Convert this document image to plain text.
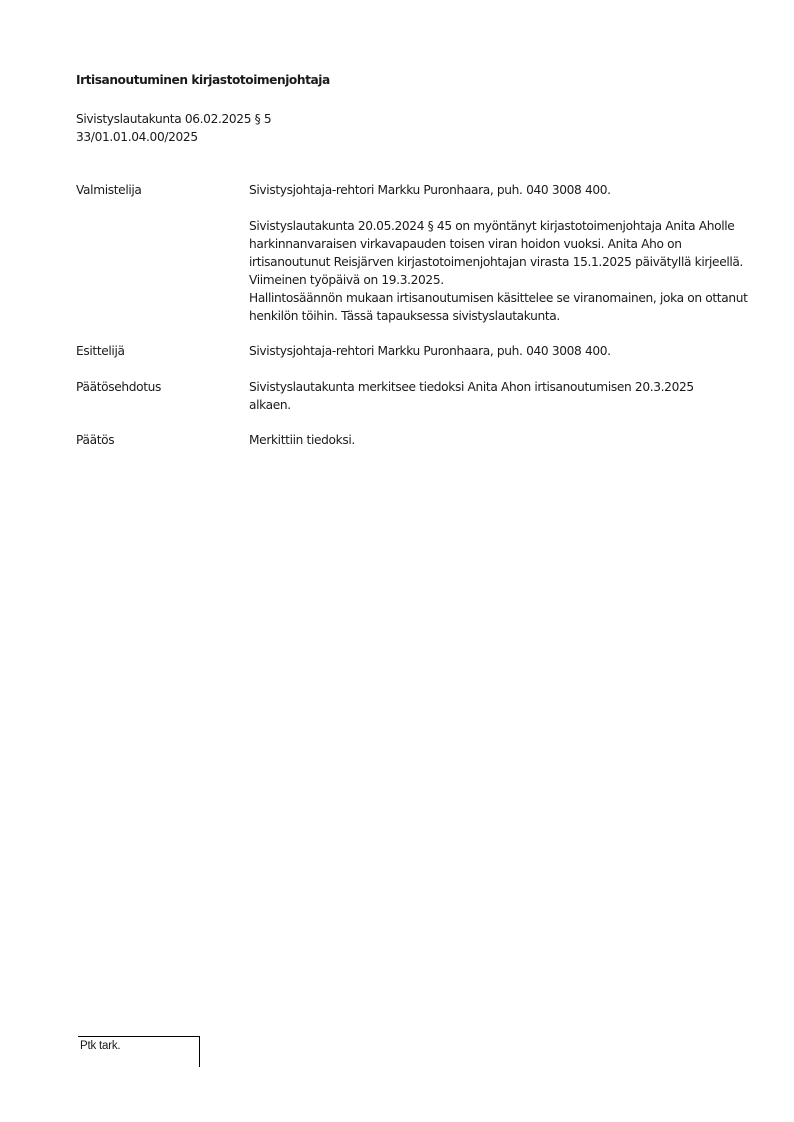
Irtisanoutuminen kirjastotoimenjohtaja
Sivistyslautakunta 06.02.2025 § 5
33/01.01.04.00/2025
Valmistelija	Sivistysjohtaja-rehtori Markku Puronhaara, puh. 040 3008 400.

Sivistyslautakunta 20.05.2024 § 45 on myöntänyt kirjastotoimenjohtaja Anita Aholle harkinnanvaraisen virkavapauden toisen viran hoidon vuoksi. Anita Aho on irtisanoutunut Reisjärven kirjastotoimenjohtajan virasta 15.1.2025 päivätyllä kirjeellä. Viimeinen työpäivä on 19.3.2025.

Hallintosäännön mukaan irtisanoutumisen käsittelee se viranomainen, joka on ottanut henkilön töihin. Tässä tapauksessa sivistyslautakunta.

Esittelijä	Sivistysjohtaja-rehtori Markku Puronhaara, puh. 040 3008 400.
Päätösehdotus	Sivistyslautakunta merkitsee tiedoksi Anita Ahon irtisanoutumisen 20.3.2025 alkaen.
Päätös	Merkittiin tiedoksi.
Ptk tark.
